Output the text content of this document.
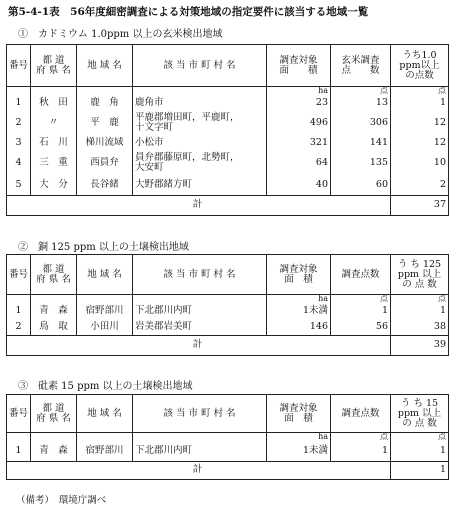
第5-4-1表　56年度細密調査による対策地域の指定要件に該当する地域一覧
①　カドミウム 1.0ppm 以上の玄米検出地域
番号	都 道
府 県 名	地 域 名	該 当 市 町 村 名	調査対象
面　　積	玄米調査
点　　数	うち1.0
ppm以上
の点数
				ha	点	点
1	秋　田	鹿　角	鹿角市	23	13	1
2	〃	平　鹿	平鹿郡増田町，平鹿町，
十文字町	496	306	12
3	石　川	梯川流域	小松市	321	141	12
4	三　重	西員弁	員弁郡藤原町，北勢町，
大安町	64	135	10
5	大　分	長谷緒	大野郡緒方町	40	60	2
計						37
②　銅 125 ppm 以上の土壌検出地域
番号	都 道
府 県 名	地 域 名	該 当 市 町 村 名	調査対象
面　積	調査点数	う ち 125
ppm 以上
の 点 数
				ha	点	点
1	青　森	宿野部川	下北郡川内町	1未満	1	1
2	鳥　取	小田川	岩美郡岩美町	146	56	38
計						39
③　砒素 15 ppm 以上の土壌検出地域
番号	都 道
府 県 名	地 域 名	該 当 市 町 村 名	調査対象
面　積	調査点数	う ち 15
ppm 以上
の 点 数
				ha	点	点
1	青　森	宿野部川	下北郡川内町	1未満	1	1
計						1
（備考）　環境庁調べ
